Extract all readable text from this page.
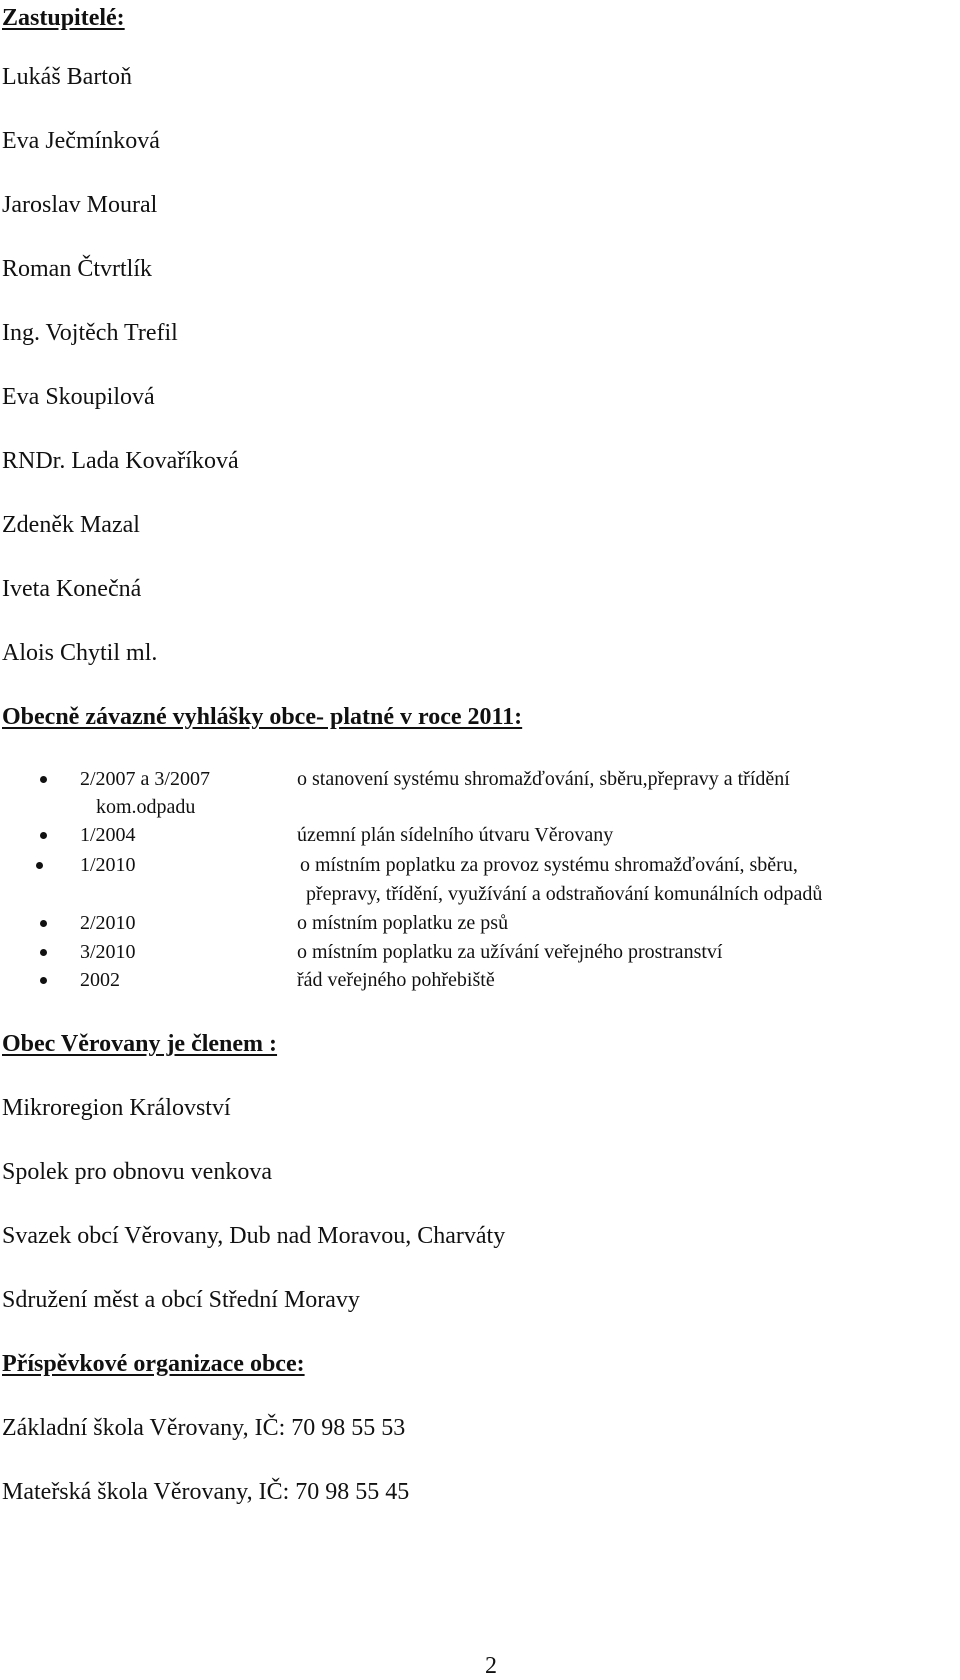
Zastupitelé:
Lukáš Bartoň
Eva Ječmínková
Jaroslav Moural
Roman Čtvrtlík
Ing. Vojtěch Trefil
Eva Skoupilová
RNDr. Lada Kovaříková
Zdeněk Mazal
Iveta Konečná
Alois Chytil ml.
Obecně závazné vyhlášky obce- platné v roce 2011:
2/2007 a 3/2007	o stanovení systému shromažďování, sběru,přepravy a třídění
kom.odpadu
1/2004	územní plán sídelního útvaru Věrovany
1/2010	o místním poplatku za provoz systému shromažďování, sběru,
přepravy, třídění, využívání a odstraňování komunálních odpadů
2/2010	o místním poplatku ze psů
3/2010	o místním poplatku za užívání veřejného prostranství
2002	řád veřejného pohřebiště
Obec Věrovany je členem :
Mikroregion Království
Spolek pro obnovu venkova
Svazek obcí Věrovany, Dub nad Moravou, Charváty
Sdružení měst a obcí Střední Moravy
Příspěvkové organizace obce:
Základní škola Věrovany, IČ: 70 98 55 53
Mateřská škola Věrovany, IČ: 70 98 55 45
2
